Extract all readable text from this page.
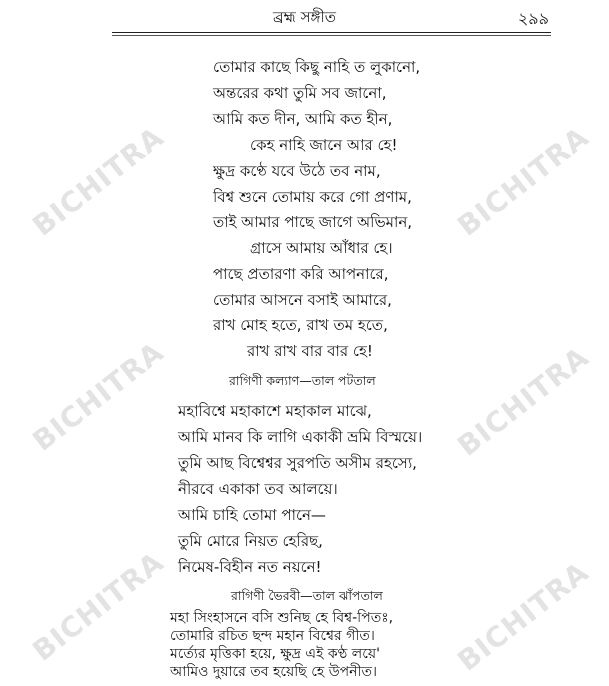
BICHITRA	BICHITRA
BICHITRA	BICHITRA
BICHITRA	BICHITRA
ব্রহ্ম সঙ্গীত	২৯৯
তোমার কাছে কিছু নাহি ত লুকানো,
অন্তরের কথা তুমি সব জানো,
আমি কত দীন, আমি কত হীন,
কেহ নাহি জানে আর হে!
ক্ষুদ্র কণ্ঠে যবে উঠে তব নাম,
বিশ্ব শুনে তোমায় করে গো প্রণাম,
তাই আমার পাছে জাগে অভিমান,
গ্রাসে আমায় আঁধার হে।
পাছে প্রতারণা করি আপনারে,
তোমার আসনে বসাই আমারে,
রাখ মোহ হতে, রাখ তম হতে,
রাখ রাখ বার বার হে!
রাগিণী কল্যাণ—তাল পটতাল
মহাবিশ্বে মহাকাশে মহাকাল মাঝে,
আমি মানব কি লাগি একাকী ভ্রমি বিস্ময়ে।
তুমি আছ বিশ্বেশ্বর সুরপতি অসীম রহস্যে,
নীরবে একাকা তব আলয়ে।
আমি চাহি তোমা পানে—
তুমি মোরে নিয়ত হেরিছ,
নিমেষ-বিহীন নত নয়নে!
রাগিণী ভৈরবী—তাল ঝাঁপতাল
মহা সিংহাসনে বসি শুনিছ হে বিশ্ব-পিতঃ,
তোমারি রচিত ছন্দ মহান বিশ্বের গীত।
মর্ত্যের মৃত্তিকা হয়ে, ক্ষুদ্র এই কণ্ঠ লয়ে'
আমিও দুয়ারে তব হয়েছি হে উপনীত।
